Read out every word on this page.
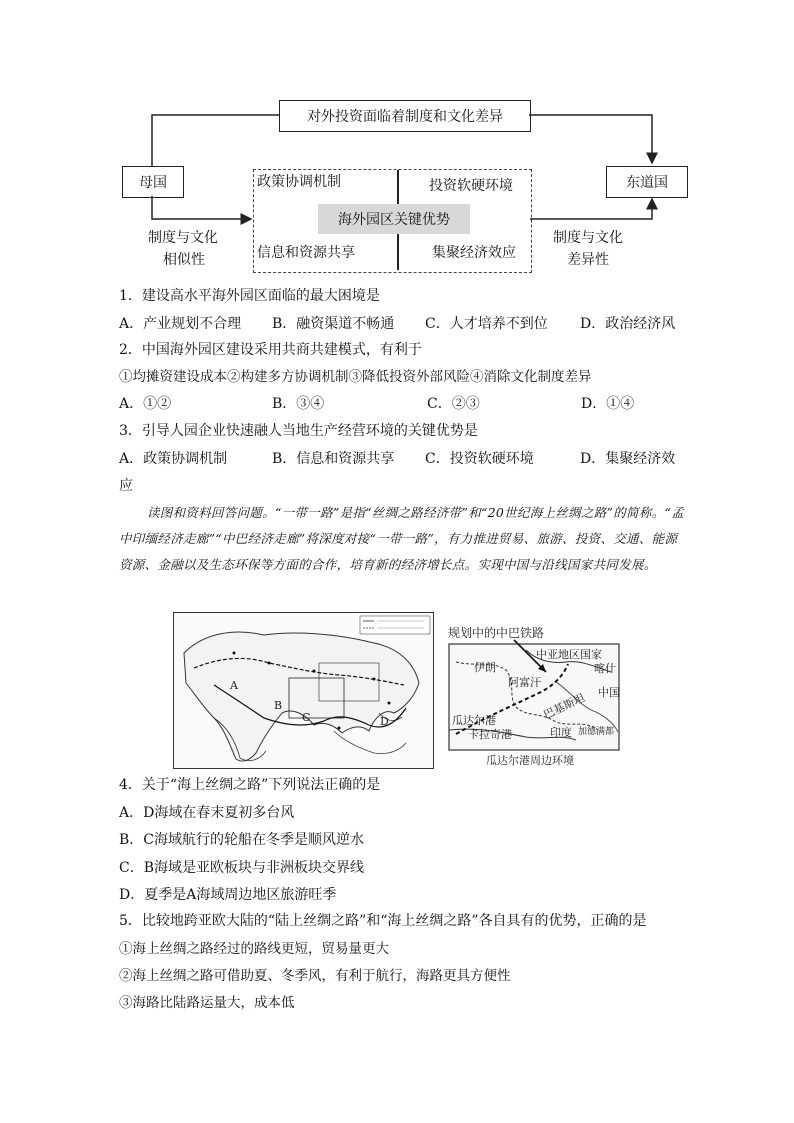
对外投资面临着制度和文化差异
母国	东道国
海外园区关键优势
政策协调机制	投资软硬环境
信息和资源共享	集聚经济效应
制度与文化
相似性
制度与文化
差异性
1．建设高水平海外园区面临的最大困境是
A．产业规划不合理 B．融资渠道不畅通 C．人才培养不到位 D．政治经济风
2．中国海外园区建设采用共商共建模式，有利于
①均摊资建设成本②构建多方协调机制③降低投资外部风险④消除文化制度差异
A．①②	B．③④	C．②③	D．①④
3．引导人园企业快速融人当地生产经营环境的关键优势是
A．政策协调机制	B．信息和资源共享 C．投资软硬环境	D．集聚经济效
应
读图和资料回答问题。“一带一路”是指“丝绸之路经济带”和“20世纪海上丝绸之路”的简称。“孟中印缅经济走廊”“中巴经济走廊”将深度对接“一带一路”，有力推进贸易、旅游、投资、交通、能源资源、金融以及生态环保等方面的合作，培育新的经济增长点。实现中国与沿线国家共同发展。
A
B
C	D
规划中的中巴铁路
中亚地区国家
伊朗
阿富汗
喀什
中国
巴基斯坦
瓜达尔港
卡拉奇港	印度 加德满都
瓜达尔港周边环境
4．关于“海上丝绸之路”下列说法正确的是
A．D海域在春末夏初多台风
B．C海域航行的轮船在冬季是顺风逆水
C．B海域是亚欧板块与非洲板块交界线
D．夏季是A海域周边地区旅游旺季
5．比较地跨亚欧大陆的“陆上丝绸之路”和“海上丝绸之路”各自具有的优势，正确的是
①海上丝绸之路经过的路线更短，贸易量更大
②海上丝绸之路可借助夏、冬季风，有利于航行，海路更具方便性
③海路比陆路运量大，成本低
